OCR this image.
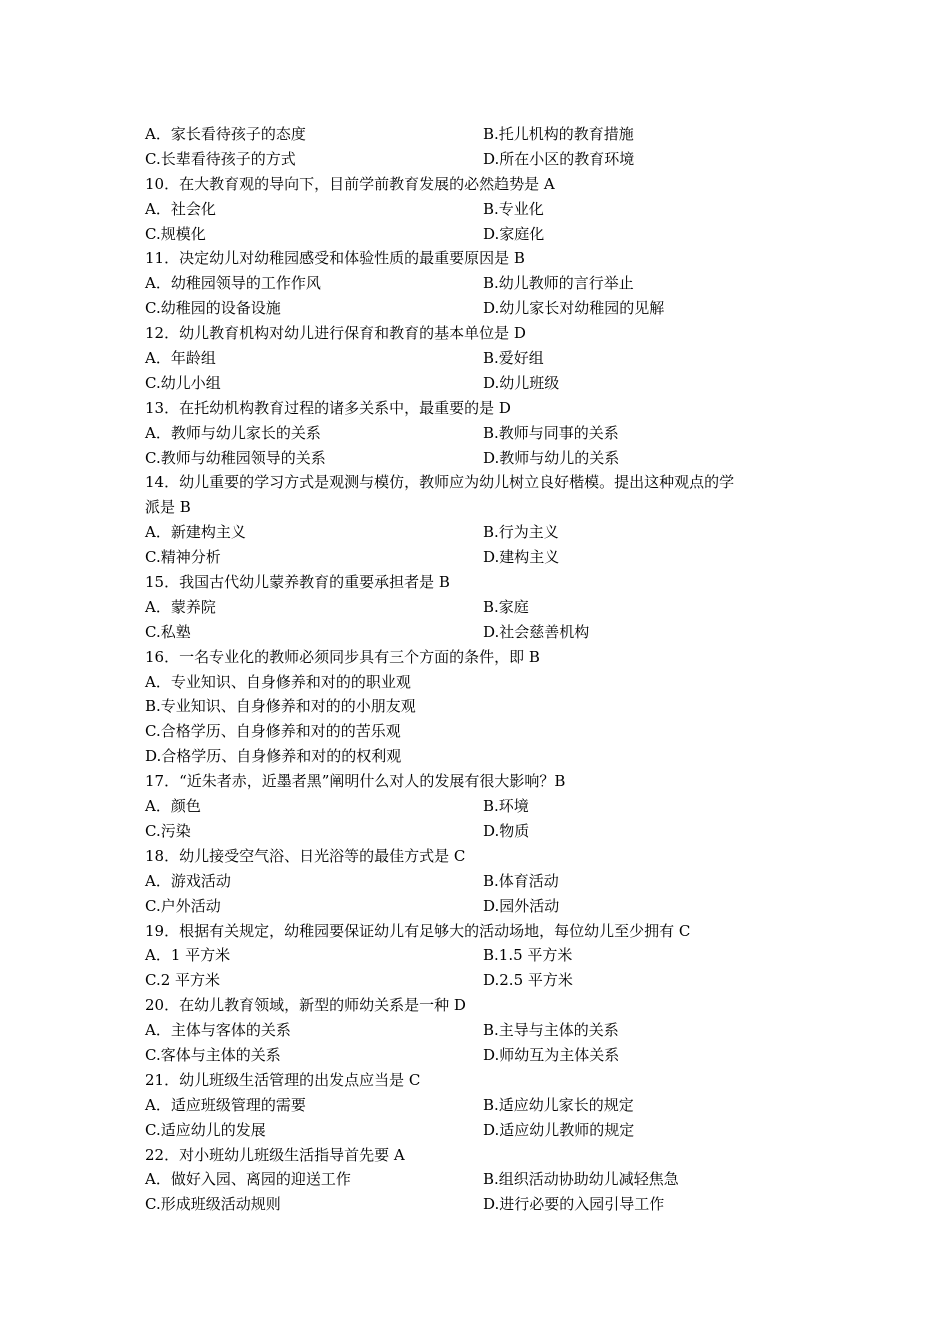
A．家长看待孩子的态度	B.托儿机构的教育措施
C.长辈看待孩子的方式	D.所在小区的教育环境
10．在大教育观的导向下，目前学前教育发展的必然趋势是 A
A．社会化	B.专业化
C.规模化	D.家庭化
11．决定幼儿对幼稚园感受和体验性质的最重要原因是 B
A．幼稚园领导的工作作风	B.幼儿教师的言行举止
C.幼稚园的设备设施	D.幼儿家长对幼稚园的见解
12．幼儿教育机构对幼儿进行保育和教育的基本单位是 D
A．年龄组	B.爱好组
C.幼儿小组	D.幼儿班级
13．在托幼机构教育过程的诸多关系中，最重要的是 D
A．教师与幼儿家长的关系	B.教师与同事的关系
C.教师与幼稚园领导的关系	D.教师与幼儿的关系
14．幼儿重要的学习方式是观测与模仿，教师应为幼儿树立良好楷模。提出这种观点的学
派是 B
A．新建构主义	B.行为主义
C.精神分析	D.建构主义
15．我国古代幼儿蒙养教育的重要承担者是 B
A．蒙养院	B.家庭
C.私塾	D.社会慈善机构
16．一名专业化的教师必须同步具有三个方面的条件，即 B
A．专业知识、自身修养和对的的职业观
B.专业知识、自身修养和对的的小朋友观
C.合格学历、自身修养和对的的苦乐观
D.合格学历、自身修养和对的的权利观
17．“近朱者赤，近墨者黑”阐明什么对人的发展有很大影响？B
A．颜色	B.环境
C.污染	D.物质
18．幼儿接受空气浴、日光浴等的最佳方式是 C
A．游戏活动	B.体育活动
C.户外活动	D.园外活动
19．根据有关规定，幼稚园要保证幼儿有足够大的活动场地，每位幼儿至少拥有 C
A．1 平方米	B.1.5 平方米
C.2 平方米	D.2.5 平方米
20．在幼儿教育领域，新型的师幼关系是一种 D
A．主体与客体的关系	B.主导与主体的关系
C.客体与主体的关系	D.师幼互为主体关系
21．幼儿班级生活管理的出发点应当是 C
A．适应班级管理的需要	B.适应幼儿家长的规定
C.适应幼儿的发展	D.适应幼儿教师的规定
22．对小班幼儿班级生活指导首先要 A
A．做好入园、离园的迎送工作	B.组织活动协助幼儿减轻焦急
C.形成班级活动规则	D.进行必要的入园引导工作
